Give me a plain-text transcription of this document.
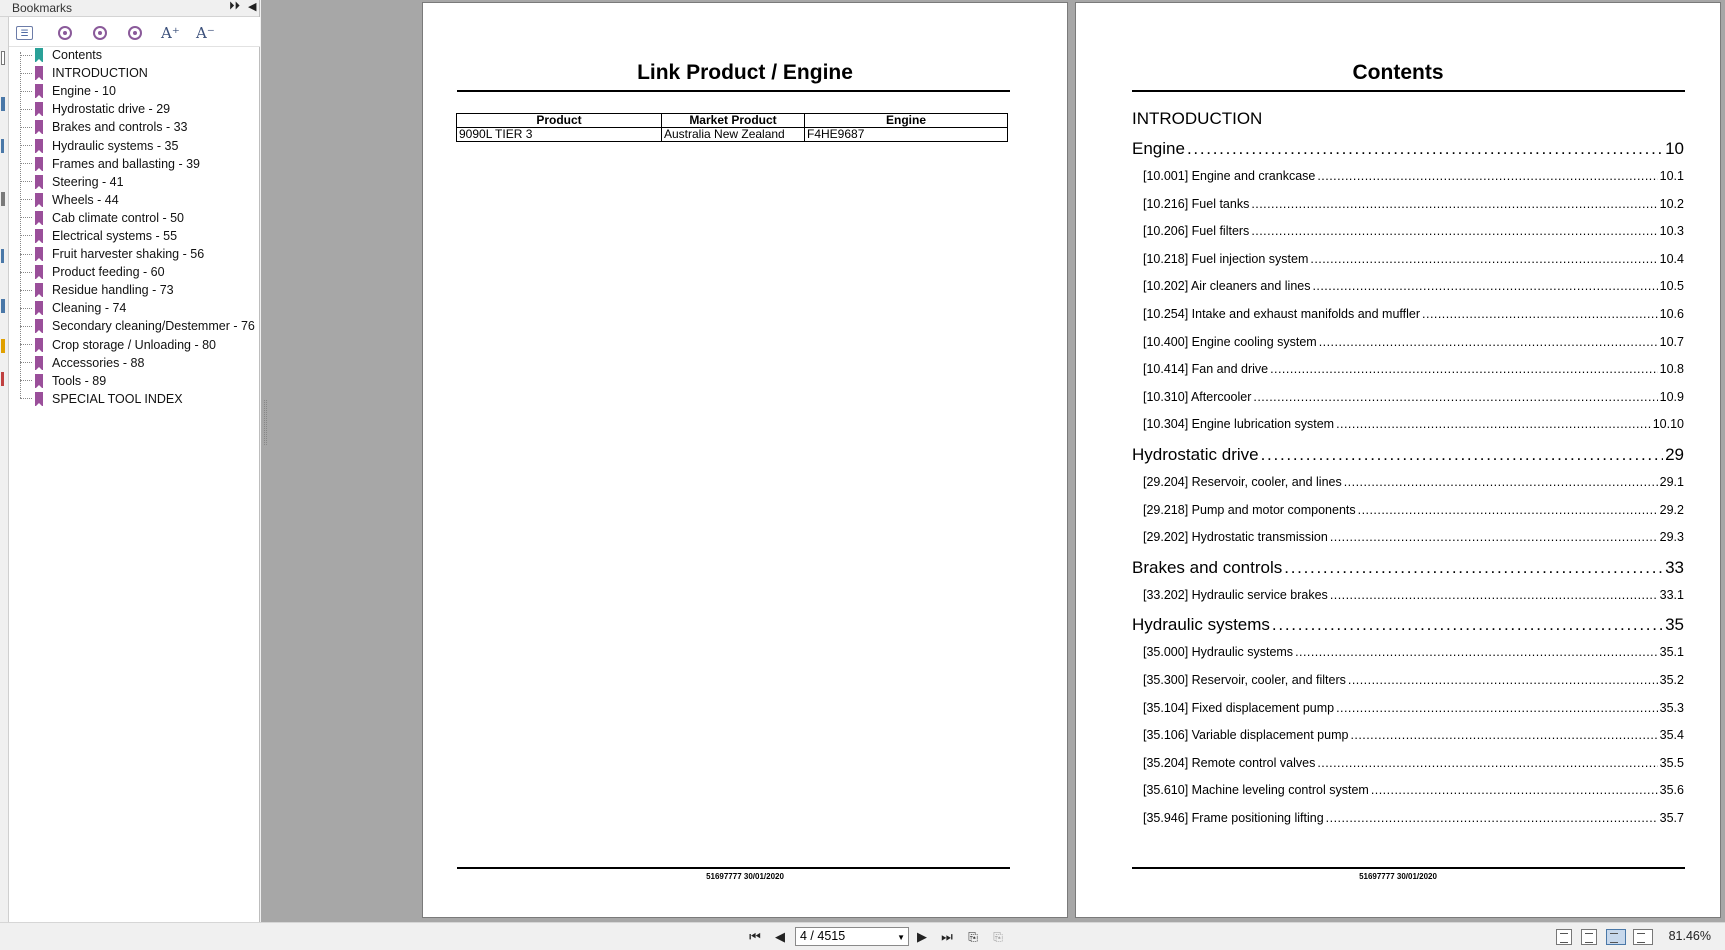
Bookmarks	⏵⏵ ◀
☰	A⁺ A⁻
Contents
INTRODUCTION
Engine - 10
Hydrostatic drive - 29
Brakes and controls - 33
Hydraulic systems - 35
Frames and ballasting - 39
Steering - 41
Wheels - 44
Cab climate control - 50
Electrical systems - 55
Fruit harvester shaking - 56
Product feeding - 60
Residue handling - 73
Cleaning - 74
Secondary cleaning/Destemmer - 76
Crop storage / Unloading - 80
Accessories - 88
Tools - 89
SPECIAL TOOL INDEX
Link Product / Engine
Product	Market Product	Engine
9090L TIER 3	Australia New Zealand	F4HE9687
51697777 30/01/2020
Contents
INTRODUCTION
Engine . . .	10
[10.001] Engine and crankcase . . .	10.1
[10.216] Fuel tanks . . .	10.2
[10.206] Fuel filters . . .	10.3
[10.218] Fuel injection system . . .	10.4
[10.202] Air cleaners and lines . . .	10.5
[10.254] Intake and exhaust manifolds and muffler . . .	10.6
[10.400] Engine cooling system . . .	10.7
[10.414] Fan and drive . . .	10.8
[10.310] Aftercooler . . .	10.9
[10.304] Engine lubrication system . . .	10.10
Hydrostatic drive . . .	29
[29.204] Reservoir, cooler, and lines . . .	29.1
[29.218] Pump and motor components . . .	29.2
[29.202] Hydrostatic transmission . . .	29.3
Brakes and controls . . .	33
[33.202] Hydraulic service brakes . . .	33.1
Hydraulic systems . . .	35
[35.000] Hydraulic systems . . .	35.1
[35.300] Reservoir, cooler, and filters . . .	35.2
[35.104] Fixed displacement pump . . .	35.3
[35.106] Variable displacement pump . . .	35.4
[35.204] Remote control valves . . .	35.5
[35.610] Machine leveling control system . . .	35.6
[35.946] Frame positioning lifting . . .	35.7
51697777 30/01/2020
⏮	◀	4 / 4515	▼ ▶	⏭	⎘	⎘	81.46%
